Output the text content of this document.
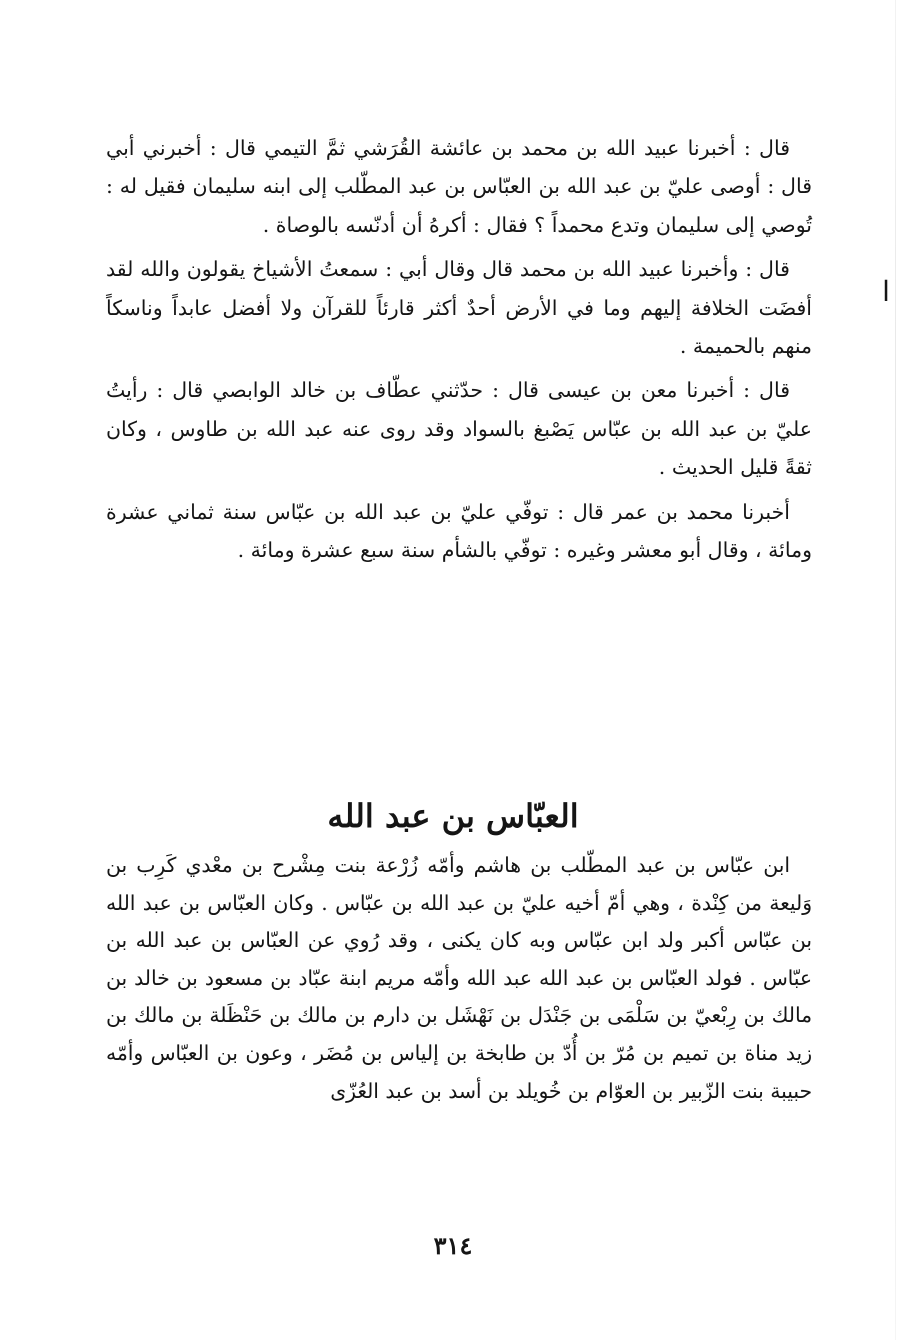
ا

قال : أخبرنا عبيد الله بن محمد بن عائشة القُرَشي ثمَّ التيمي قال : أخبرني أبي قال : أوصى عليّ بن عبد الله بن العبّاس بن عبد المطّلب إلى ابنه سليمان فقيل له : تُوصي إلى سليمان وتدع محمداً ؟ فقال : أكرهُ أن أدنّسه بالوصاة .

قال : وأخبرنا عبيد الله بن محمد قال وقال أبي : سمعتُ الأشياخ يقولون والله لقد أفضَت الخلافة إليهم وما في الأرض أحدٌ أكثر قارئاً للقرآن ولا أفضل عابداً وناسكاً منهم بالحميمة .

قال : أخبرنا معن بن عيسى قال : حدّثني عطّاف بن خالد الوابصي قال : رأيتُ عليّ بن عبد الله بن عبّاس يَصْبغ بالسواد وقد روى عنه عبد الله بن طاوس ، وكان ثقةً قليل الحديث .

أخبرنا محمد بن عمر قال : توفّي عليّ بن عبد الله بن عبّاس سنة ثماني عشرة ومائة ، وقال أبو معشر وغيره : توفّي بالشأم سنة سبع عشرة ومائة .

العبّاس بن عبد الله

ابن عبّاس بن عبد المطّلب بن هاشم وأمّه زُرْعة بنت مِشْرح بن معْدي كَرِب بن وَليعة من كِنْدة ، وهي أمّ أخيه عليّ بن عبد الله بن عبّاس . وكان العبّاس بن عبد الله بن عبّاس أكبر ولد ابن عبّاس وبه كان يكنى ، وقد رُوي عن العبّاس بن عبد الله بن عبّاس . فولد العبّاس بن عبد الله عبد الله وأمّه مريم ابنة عبّاد بن مسعود بن خالد بن مالك بن رِبْعيّ بن سَلْمَى بن جَنْدَل بن نَهْشَل بن دارم بن مالك بن حَنْظَلة بن مالك بن زيد مناة بن تميم بن مُرّ بن أُدّ بن طابخة بن إلياس بن مُضَر ، وعون بن العبّاس وأمّه حبيبة بنت الزّبير بن العوّام بن خُويلد بن أسد بن عبد العُزّى

٣١٤
